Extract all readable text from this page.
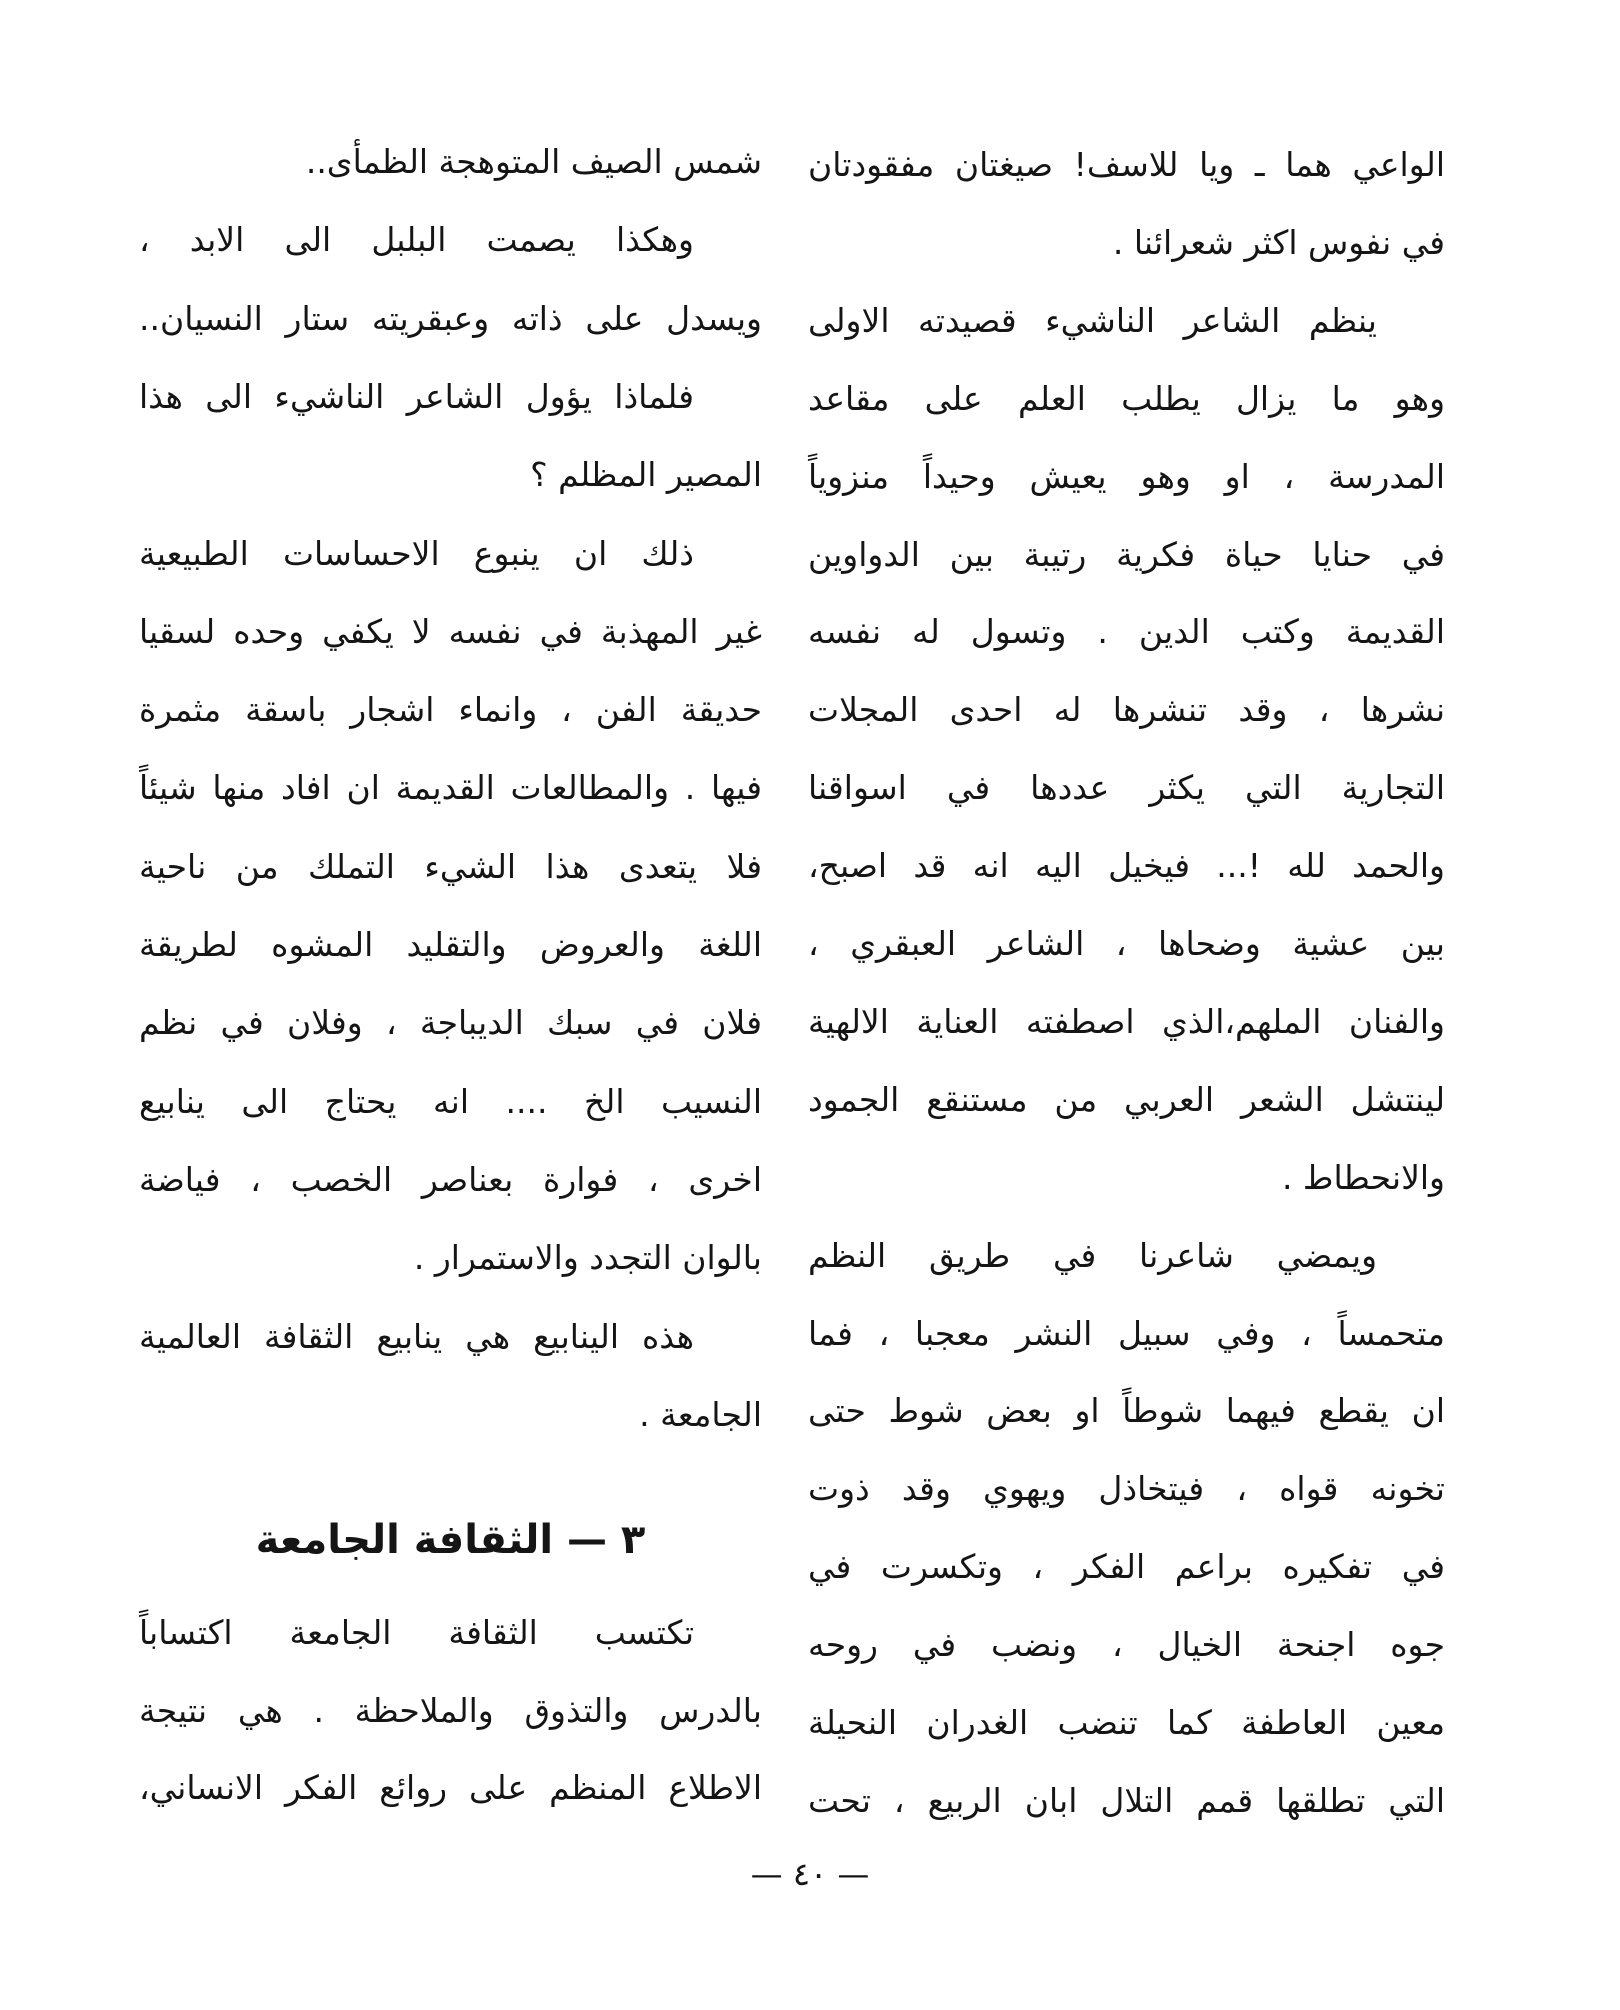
الواعي هما ـ ويا للاسف! صيغتان مفقودتان
في نفوس اكثر شعرائنا .
ينظم الشاعر الناشيء قصيدته الاولى
وهو ما يزال يطلب العلم على مقاعد
المدرسة ، او وهو يعيش وحيداً منزوياً
في حنايا حياة فكرية رتيبة بين الدواوين
القديمة وكتب الدين . وتسول له نفسه
نشرها ، وقد تنشرها له احدى المجلات
التجارية التي يكثر عددها في اسواقنا
والحمد لله !... فيخيل اليه انه قد اصبح،
بين عشية وضحاها ، الشاعر العبقري ،
والفنان الملهم،الذي اصطفته العناية الالهية
لينتشل الشعر العربي من مستنقع الجمود
والانحطاط .
ويمضي شاعرنا في طريق النظم
متحمساً ، وفي سبيل النشر معجبا ، فما
ان يقطع فيهما شوطاً او بعض شوط حتى
تخونه قواه ، فيتخاذل ويهوي وقد ذوت
في تفكيره براعم الفكر ، وتكسرت في
جوه اجنحة الخيال ، ونضب في روحه
معين العاطفة كما تنضب الغدران النحيلة
التي تطلقها قمم التلال ابان الربيع ، تحت
شمس الصيف المتوهجة الظمأى..
وهكذا يصمت البلبل الى الابد ،
ويسدل على ذاته وعبقريته ستار النسيان..
فلماذا يؤول الشاعر الناشيء الى هذا
المصير المظلم ؟
ذلك ان ينبوع الاحساسات الطبيعية
غير المهذبة في نفسه لا يكفي وحده لسقيا
حديقة الفن ، وانماء اشجار باسقة مثمرة
فيها . والمطالعات القديمة ان افاد منها شيئاً
فلا يتعدى هذا الشيء التملك من ناحية
اللغة والعروض والتقليد المشوه لطريقة
فلان في سبك الديباجة ، وفلان في نظم
النسيب الخ .... انه يحتاج الى ينابيع
اخرى ، فوارة بعناصر الخصب ، فياضة
بالوان التجدد والاستمرار .
هذه الينابيع هي ينابيع الثقافة العالمية
الجامعة .
تكتسب الثقافة الجامعة اكتساباً
بالدرس والتذوق والملاحظة . هي نتيجة
الاطلاع المنظم على روائع الفكر الانساني،
٣ — الثقافة الجامعة
— ٤٠ —
